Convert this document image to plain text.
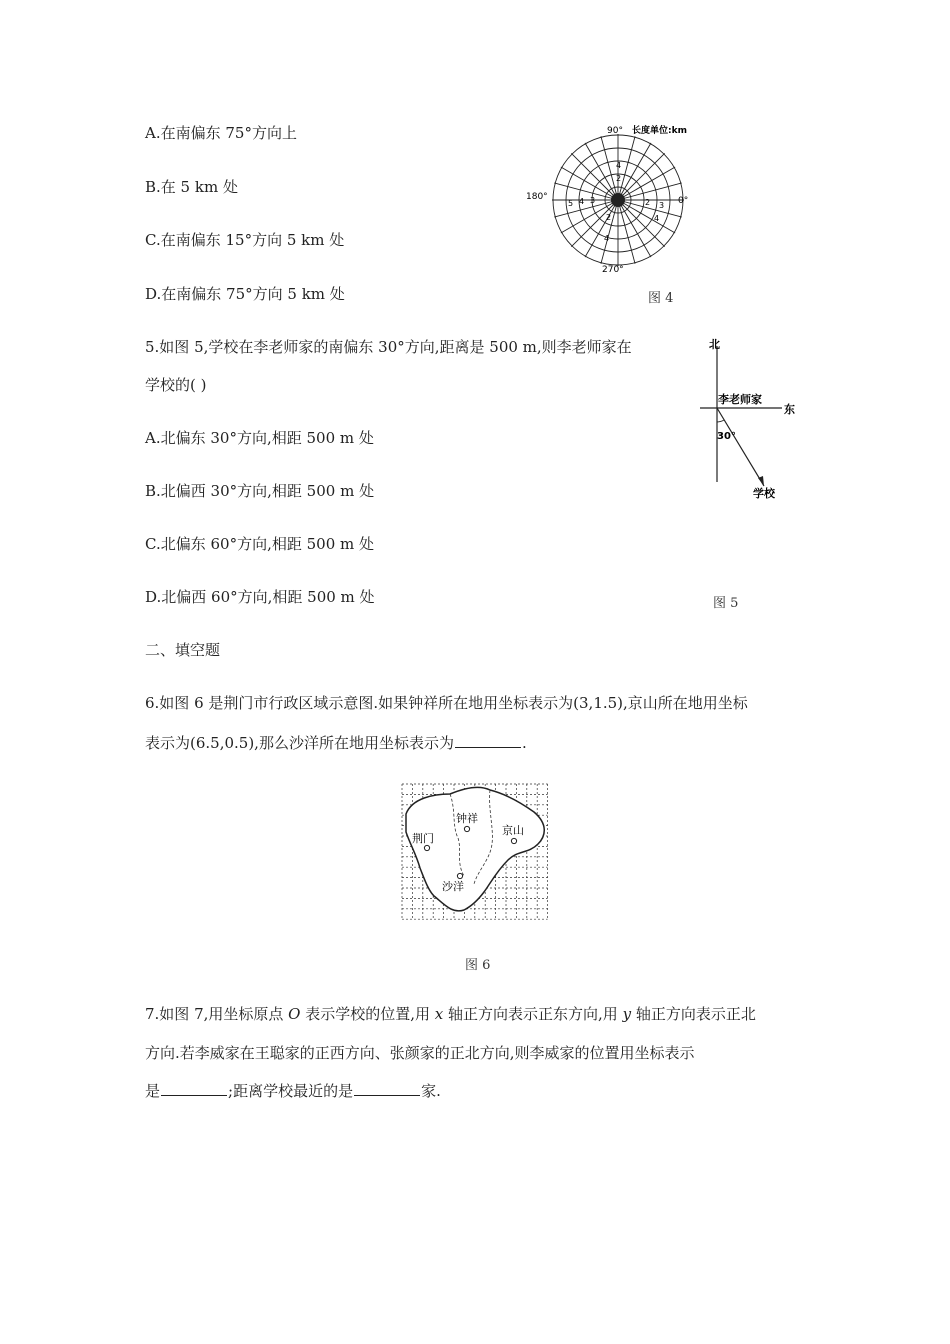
A.在南偏东 75°方向上
B.在 5 km 处
C.在南偏东 15°方向 5 km 处
D.在南偏东 75°方向 5 km 处
90° 长度单位:km
180°	0°
270°
3
4
2
5 4 3
4
2
2
4
图 4
5.如图 5,学校在李老师家的南偏东 30°方向,距离是 500 m,则李老师家在
学校的( )
A.北偏东 30°方向,相距 500 m 处
B.北偏西 30°方向,相距 500 m 处
C.北偏东 60°方向,相距 500 m 处
D.北偏西 60°方向,相距 500 m 处
北
东
李老师家
30°
学校
图 5
二、填空题
6.如图 6 是荆门市行政区域示意图.如果钟祥所在地用坐标表示为(3,1.5),京山所在地用坐标
表示为(6.5,0.5),那么沙洋所在地用坐标表示为	.
钟祥
京山
荆门
沙洋
图 6
7.如图 7,用坐标原点 O 表示学校的位置,用 x 轴正方向表示正东方向,用 y 轴正方向表示正北
方向.若李威家在王聪家的正西方向、张颜家的正北方向,则李威家的位置用坐标表示
是	;距离学校最近的是	家.
